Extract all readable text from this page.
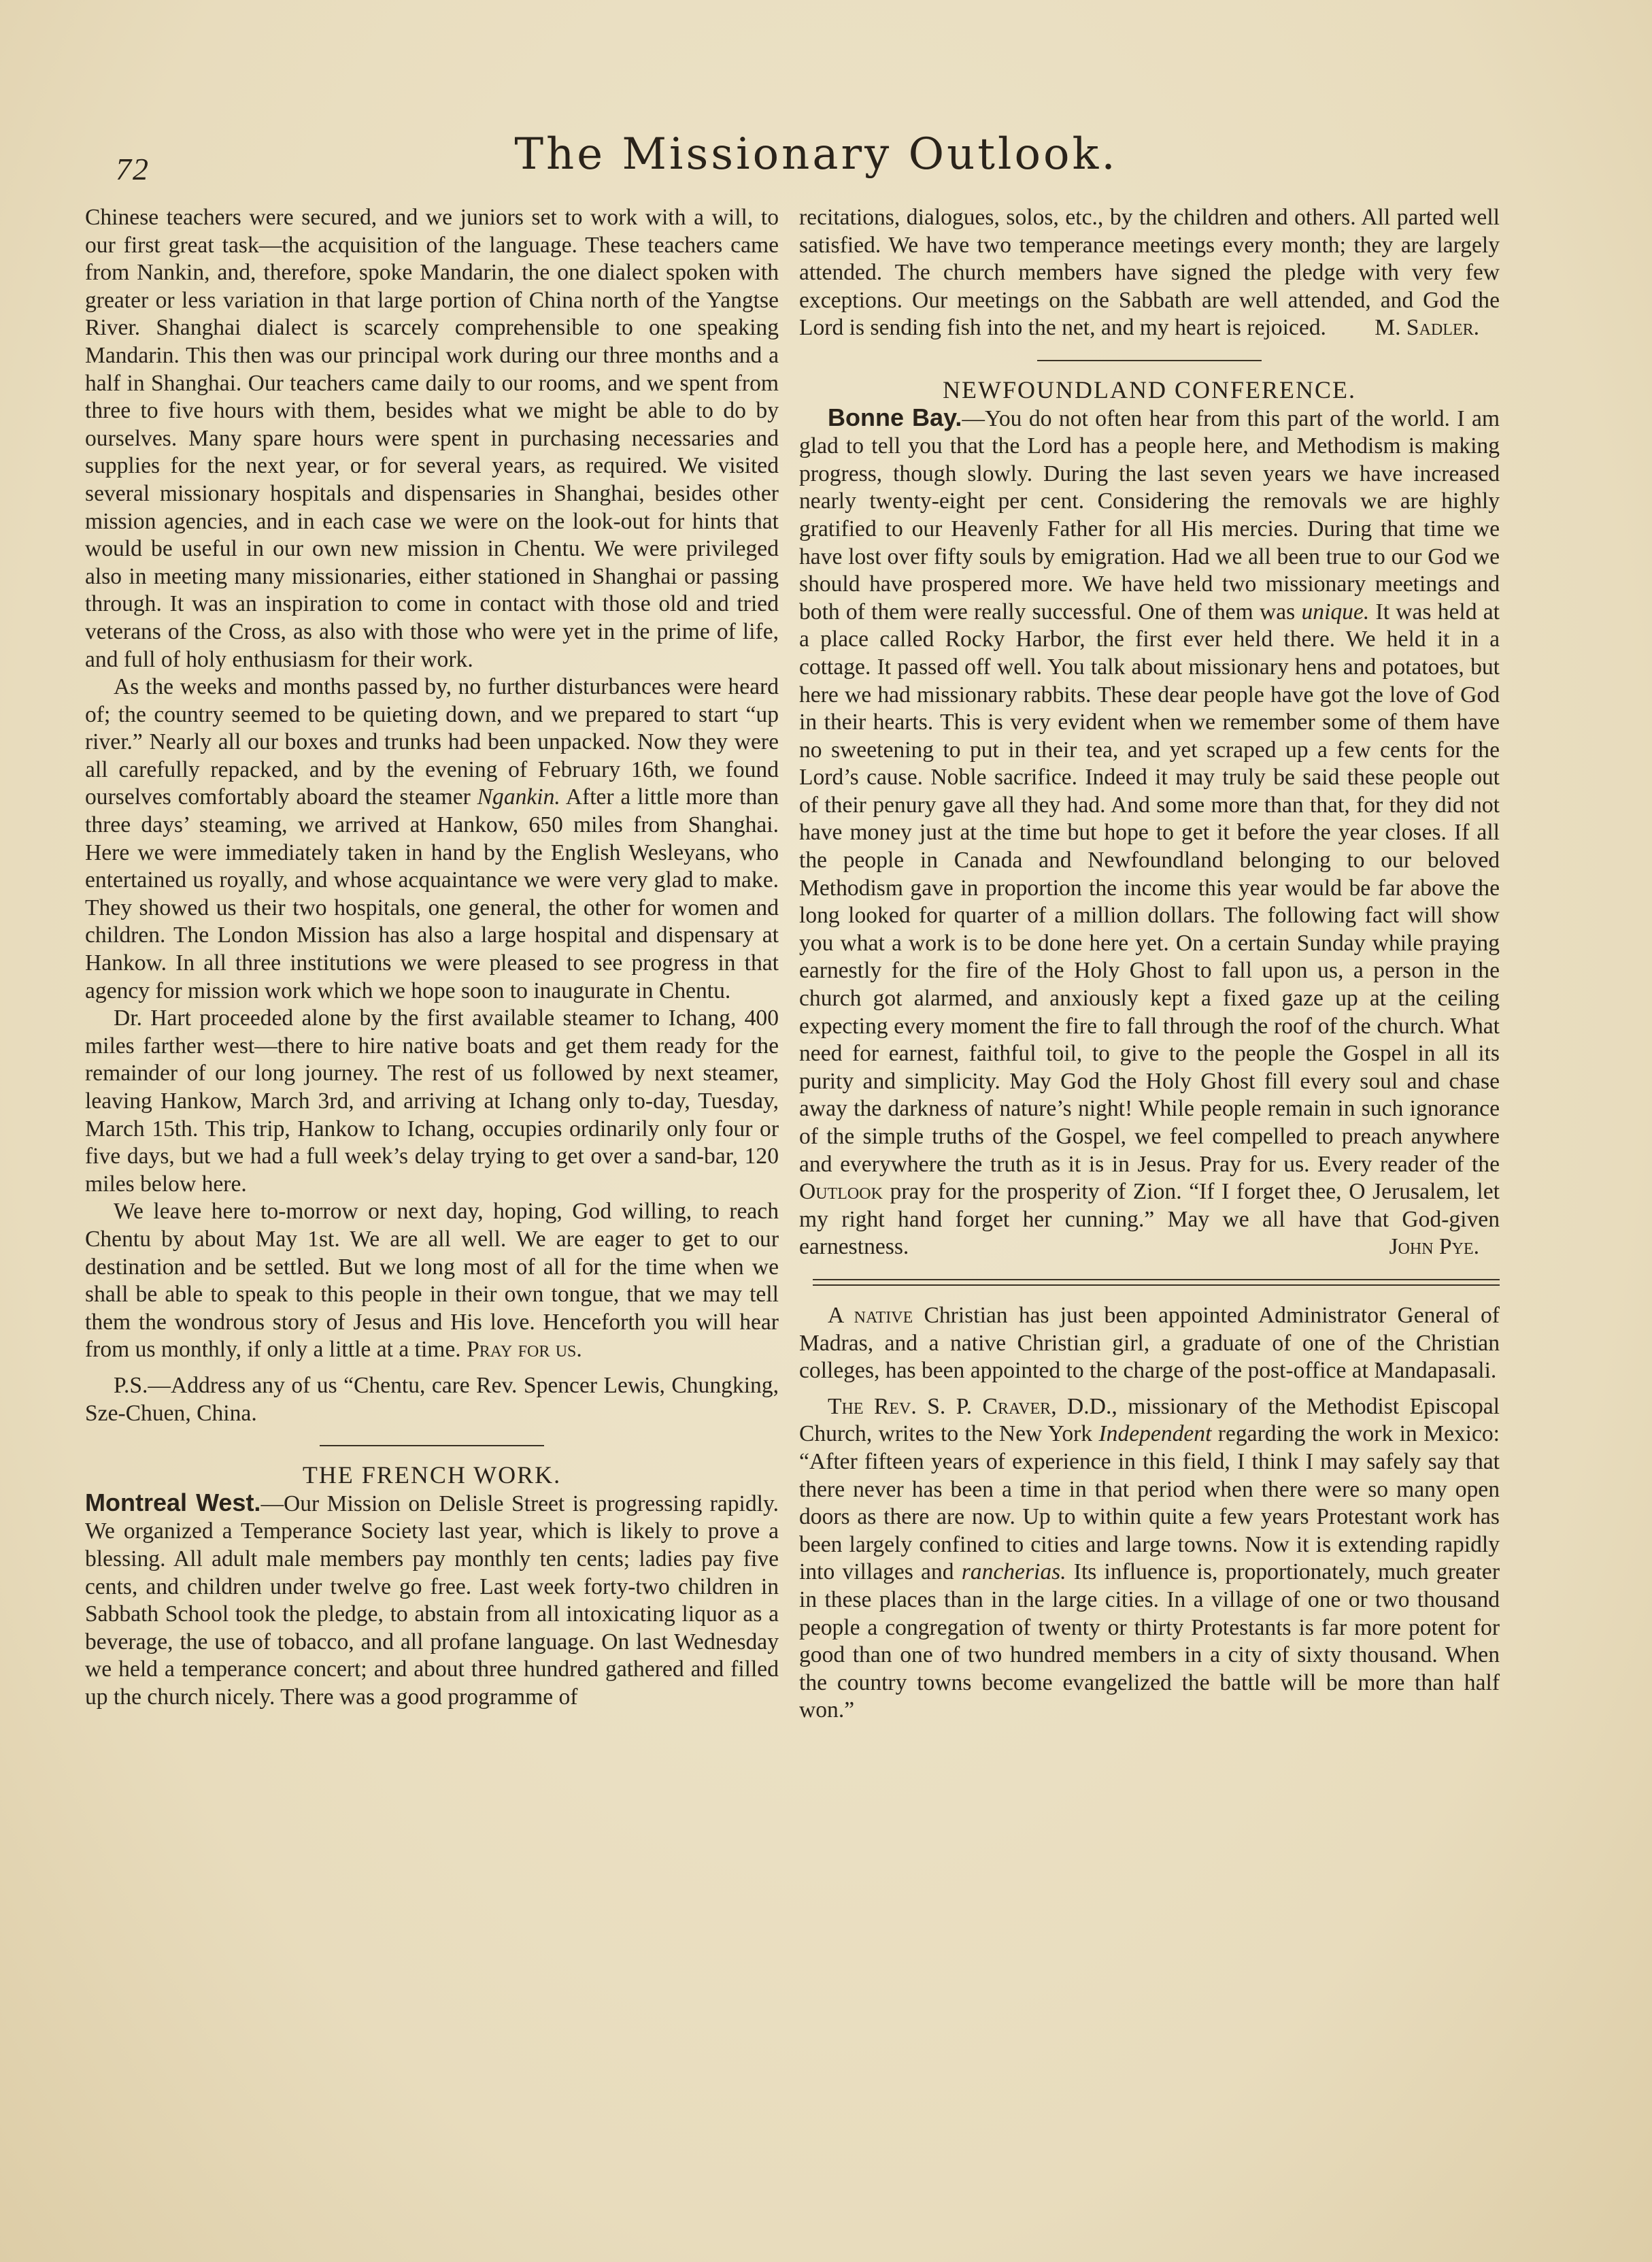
72	The Missionary Outlook.

Chinese teachers were secured, and we juniors set to work with a will, to our first great task—the acquisition of the language. These teachers came from Nankin, and, therefore, spoke Mandarin, the one dialect spoken with greater or less variation in that large portion of China north of the Yangtse River. Shanghai dialect is scarcely comprehensible to one speaking Mandarin. This then was our principal work during our three months and a half in Shanghai. Our teachers came daily to our rooms, and we spent from three to five hours with them, besides what we might be able to do by ourselves. Many spare hours were spent in purchasing necessaries and supplies for the next year, or for several years, as required. We visited several missionary hospitals and dispensaries in Shanghai, besides other mission agencies, and in each case we were on the look-out for hints that would be useful in our own new mission in Chentu. We were privileged also in meeting many missionaries, either stationed in Shanghai or passing through. It was an inspiration to come in contact with those old and tried veterans of the Cross, as also with those who were yet in the prime of life, and full of holy enthusiasm for their work.

As the weeks and months passed by, no further disturbances were heard of; the country seemed to be quieting down, and we prepared to start “up river.” Nearly all our boxes and trunks had been unpacked. Now they were all carefully repacked, and by the evening of February 16th, we found ourselves comfortably aboard the steamer Ngankin. After a little more than three days’ steaming, we arrived at Hankow, 650 miles from Shanghai. Here we were immediately taken in hand by the English Wesleyans, who entertained us royally, and whose acquaintance we were very glad to make. They showed us their two hospitals, one general, the other for women and children. The London Mission has also a large hospital and dispensary at Hankow. In all three institutions we were pleased to see progress in that agency for mission work which we hope soon to inaugurate in Chentu.

Dr. Hart proceeded alone by the first available steamer to Ichang, 400 miles farther west—there to hire native boats and get them ready for the remainder of our long journey. The rest of us followed by next steamer, leaving Hankow, March 3rd, and arriving at Ichang only to-day, Tuesday, March 15th. This trip, Hankow to Ichang, occupies ordinarily only four or five days, but we had a full week’s delay trying to get over a sand-bar, 120 miles below here.

We leave here to-morrow or next day, hoping, God willing, to reach Chentu by about May 1st. We are all well. We are eager to get to our destination and be settled. But we long most of all for the time when we shall be able to speak to this people in their own tongue, that we may tell them the wondrous story of Jesus and His love. Henceforth you will hear from us monthly, if only a little at a time. Pray for us.

P.S.—Address any of us “Chentu, care Rev. Spencer Lewis, Chungking, Sze-Chuen, China.

THE FRENCH WORK.

Montreal West.—Our Mission on Delisle Street is progressing rapidly. We organized a Temperance Society last year, which is likely to prove a blessing. All adult male members pay monthly ten cents; ladies pay five cents, and children under twelve go free. Last week forty-two children in Sabbath School took the pledge, to abstain from all intoxicating liquor as a beverage, the use of tobacco, and all profane language. On last Wednesday we held a temperance concert; and about three hundred gathered and filled up the church nicely. There was a good programme of

recitations, dialogues, solos, etc., by the children and others. All parted well satisfied. We have two temperance meetings every month; they are largely attended. The church members have signed the pledge with very few exceptions. Our meetings on the Sabbath are well attended, and God the Lord is sending fish into the net, and my heart is rejoiced. M. Sadler.

NEWFOUNDLAND CONFERENCE.

Bonne Bay.—You do not often hear from this part of the world. I am glad to tell you that the Lord has a people here, and Methodism is making progress, though slowly. During the last seven years we have increased nearly twenty-eight per cent. Considering the removals we are highly gratified to our Heavenly Father for all His mercies. During that time we have lost over fifty souls by emigration. Had we all been true to our God we should have prospered more. We have held two missionary meetings and both of them were really successful. One of them was unique. It was held at a place called Rocky Harbor, the first ever held there. We held it in a cottage. It passed off well. You talk about missionary hens and potatoes, but here we had missionary rabbits. These dear people have got the love of God in their hearts. This is very evident when we remember some of them have no sweetening to put in their tea, and yet scraped up a few cents for the Lord’s cause. Noble sacrifice. Indeed it may truly be said these people out of their penury gave all they had. And some more than that, for they did not have money just at the time but hope to get it before the year closes. If all the people in Canada and Newfoundland belonging to our beloved Methodism gave in proportion the income this year would be far above the long looked for quarter of a million dollars. The following fact will show you what a work is to be done here yet. On a certain Sunday while praying earnestly for the fire of the Holy Ghost to fall upon us, a person in the church got alarmed, and anxiously kept a fixed gaze up at the ceiling expecting every moment the fire to fall through the roof of the church. What need for earnest, faithful toil, to give to the people the Gospel in all its purity and simplicity. May God the Holy Ghost fill every soul and chase away the darkness of nature’s night! While people remain in such ignorance of the simple truths of the Gospel, we feel compelled to preach anywhere and everywhere the truth as it is in Jesus. Pray for us. Every reader of the Outlook pray for the prosperity of Zion. “If I forget thee, O Jerusalem, let my right hand forget her cunning.” May we all have that God-given earnestness.	John Pye.

A native Christian has just been appointed Administrator General of Madras, and a native Christian girl, a graduate of one of the Christian colleges, has been appointed to the charge of the post-office at Mandapasali.

The Rev. S. P. Craver, D.D., missionary of the Methodist Episcopal Church, writes to the New York Independent regarding the work in Mexico: “After fifteen years of experience in this field, I think I may safely say that there never has been a time in that period when there were so many open doors as there are now. Up to within quite a few years Protestant work has been largely confined to cities and large towns. Now it is extending rapidly into villages and rancherias. Its influence is, proportionately, much greater in these places than in the large cities. In a village of one or two thousand people a congregation of twenty or thirty Protestants is far more potent for good than one of two hundred members in a city of sixty thousand. When the country towns become evangelized the battle will be more than half won.”
